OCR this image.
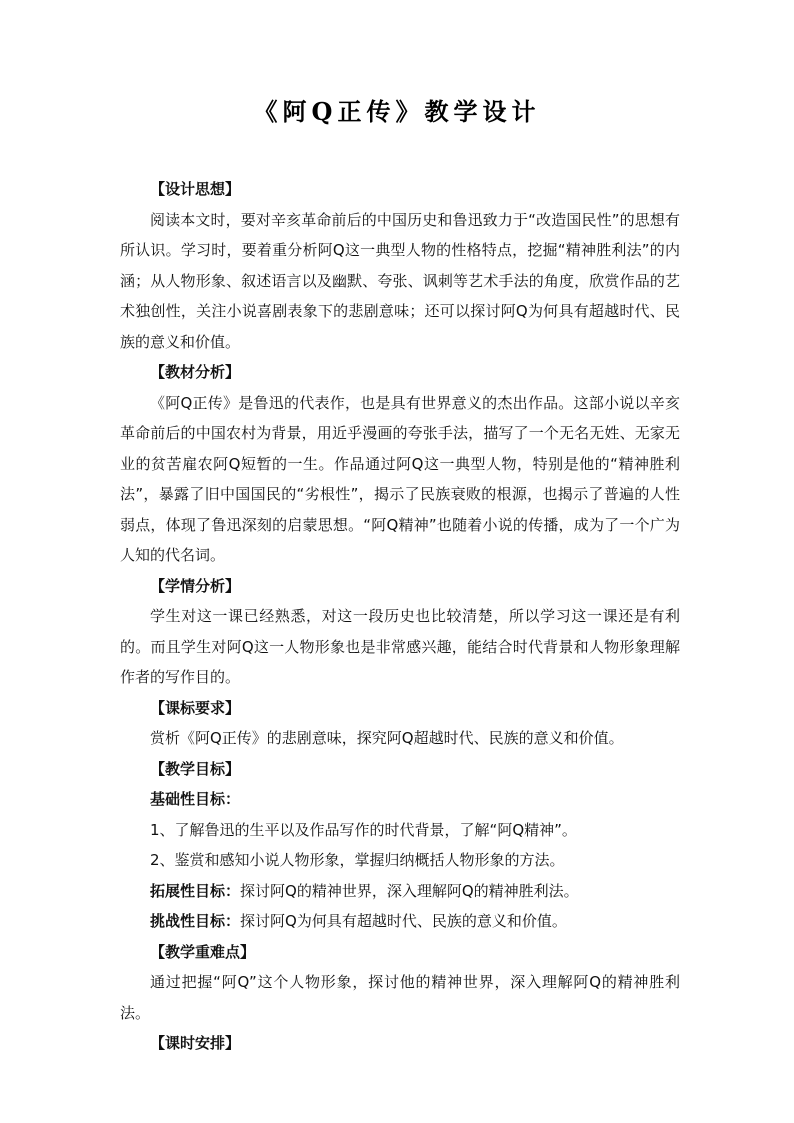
《阿Q正传》教学设计

【设计思想】

阅读本文时，要对辛亥革命前后的中国历史和鲁迅致力于“改造国民性”的思想有所认识。学习时，要着重分析阿Q这一典型人物的性格特点，挖掘“精神胜利法”的内涵；从人物形象、叙述语言以及幽默、夸张、讽刺等艺术手法的角度，欣赏作品的艺术独创性，关注小说喜剧表象下的悲剧意味；还可以探讨阿Q为何具有超越时代、民族的意义和价值。

【教材分析】

《阿Q正传》是鲁迅的代表作，也是具有世界意义的杰出作品。这部小说以辛亥革命前后的中国农村为背景，用近乎漫画的夸张手法，描写了一个无名无姓、无家无业的贫苦雇农阿Q短暂的一生。作品通过阿Q这一典型人物，特别是他的“精神胜利法”，暴露了旧中国国民的“劣根性”，揭示了民族衰败的根源，也揭示了普遍的人性弱点，体现了鲁迅深刻的启蒙思想。“阿Q精神”也随着小说的传播，成为了一个广为人知的代名词。

【学情分析】

学生对这一课已经熟悉，对这一段历史也比较清楚，所以学习这一课还是有利的。而且学生对阿Q这一人物形象也是非常感兴趣，能结合时代背景和人物形象理解作者的写作目的。

【课标要求】

赏析《阿Q正传》的悲剧意味，探究阿Q超越时代、民族的意义和价值。

【教学目标】

基础性目标：

1、了解鲁迅的生平以及作品写作的时代背景，了解“阿Q精神”。

2、鉴赏和感知小说人物形象，掌握归纳概括人物形象的方法。

拓展性目标：探讨阿Q的精神世界，深入理解阿Q的精神胜利法。

挑战性目标：探讨阿Q为何具有超越时代、民族的意义和价值。

【教学重难点】

通过把握“阿Q”这个人物形象，探讨他的精神世界，深入理解阿Q的精神胜利法。

【课时安排】
